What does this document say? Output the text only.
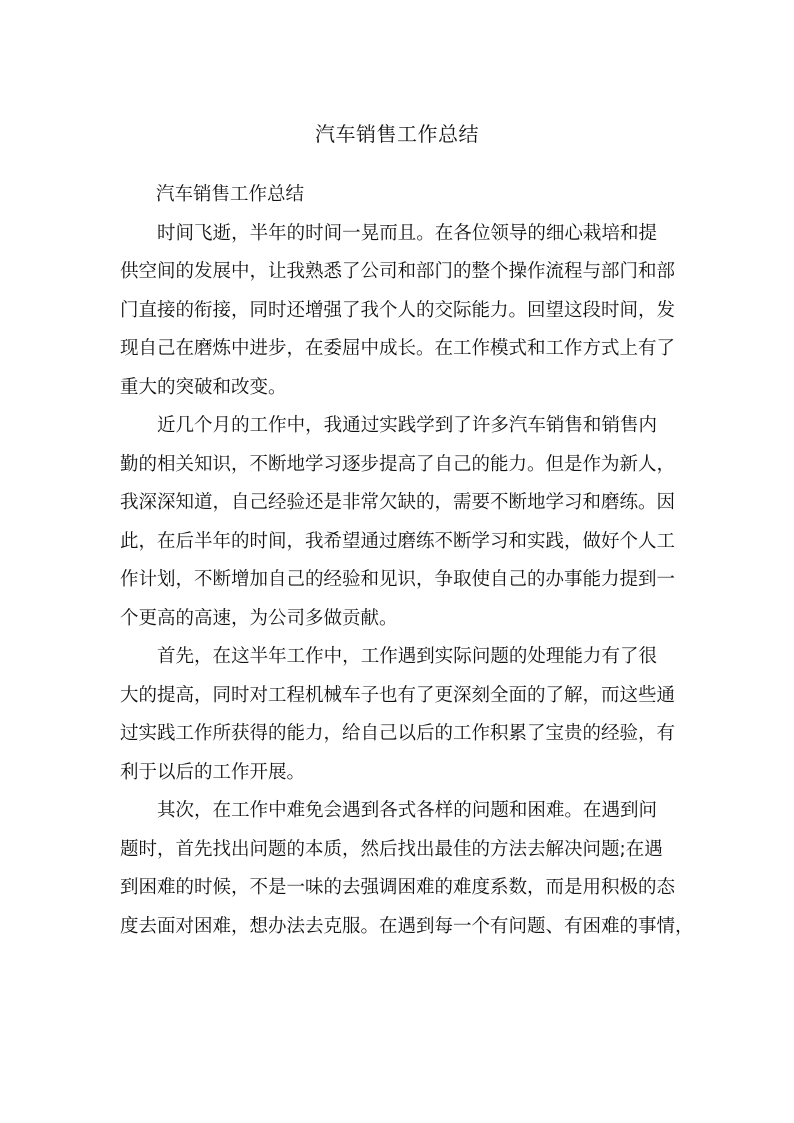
汽车销售工作总结

汽车销售工作总结

时间飞逝，半年的时间一晃而且。在各位领导的细心栽培和提
供空间的发展中，让我熟悉了公司和部门的整个操作流程与部门和部
门直接的衔接，同时还增强了我个人的交际能力。回望这段时间，发
现自己在磨炼中进步，在委屈中成长。在工作模式和工作方式上有了
重大的突破和改变。

近几个月的工作中，我通过实践学到了许多汽车销售和销售内
勤的相关知识，不断地学习逐步提高了自己的能力。但是作为新人，
我深深知道，自己经验还是非常欠缺的，需要不断地学习和磨练。因
此，在后半年的时间，我希望通过磨练不断学习和实践，做好个人工
作计划，不断增加自己的经验和见识，争取使自己的办事能力提到一
个更高的高速，为公司多做贡献。

首先，在这半年工作中，工作遇到实际问题的处理能力有了很
大的提高，同时对工程机械车子也有了更深刻全面的了解，而这些通
过实践工作所获得的能力，给自己以后的工作积累了宝贵的经验，有
利于以后的工作开展。

其次，在工作中难免会遇到各式各样的问题和困难。在遇到问
题时，首先找出问题的本质，然后找出最佳的方法去解决问题;在遇
到困难的时候，不是一味的去强调困难的难度系数，而是用积极的态
度去面对困难，想办法去克服。在遇到每一个有问题、有困难的事情，
